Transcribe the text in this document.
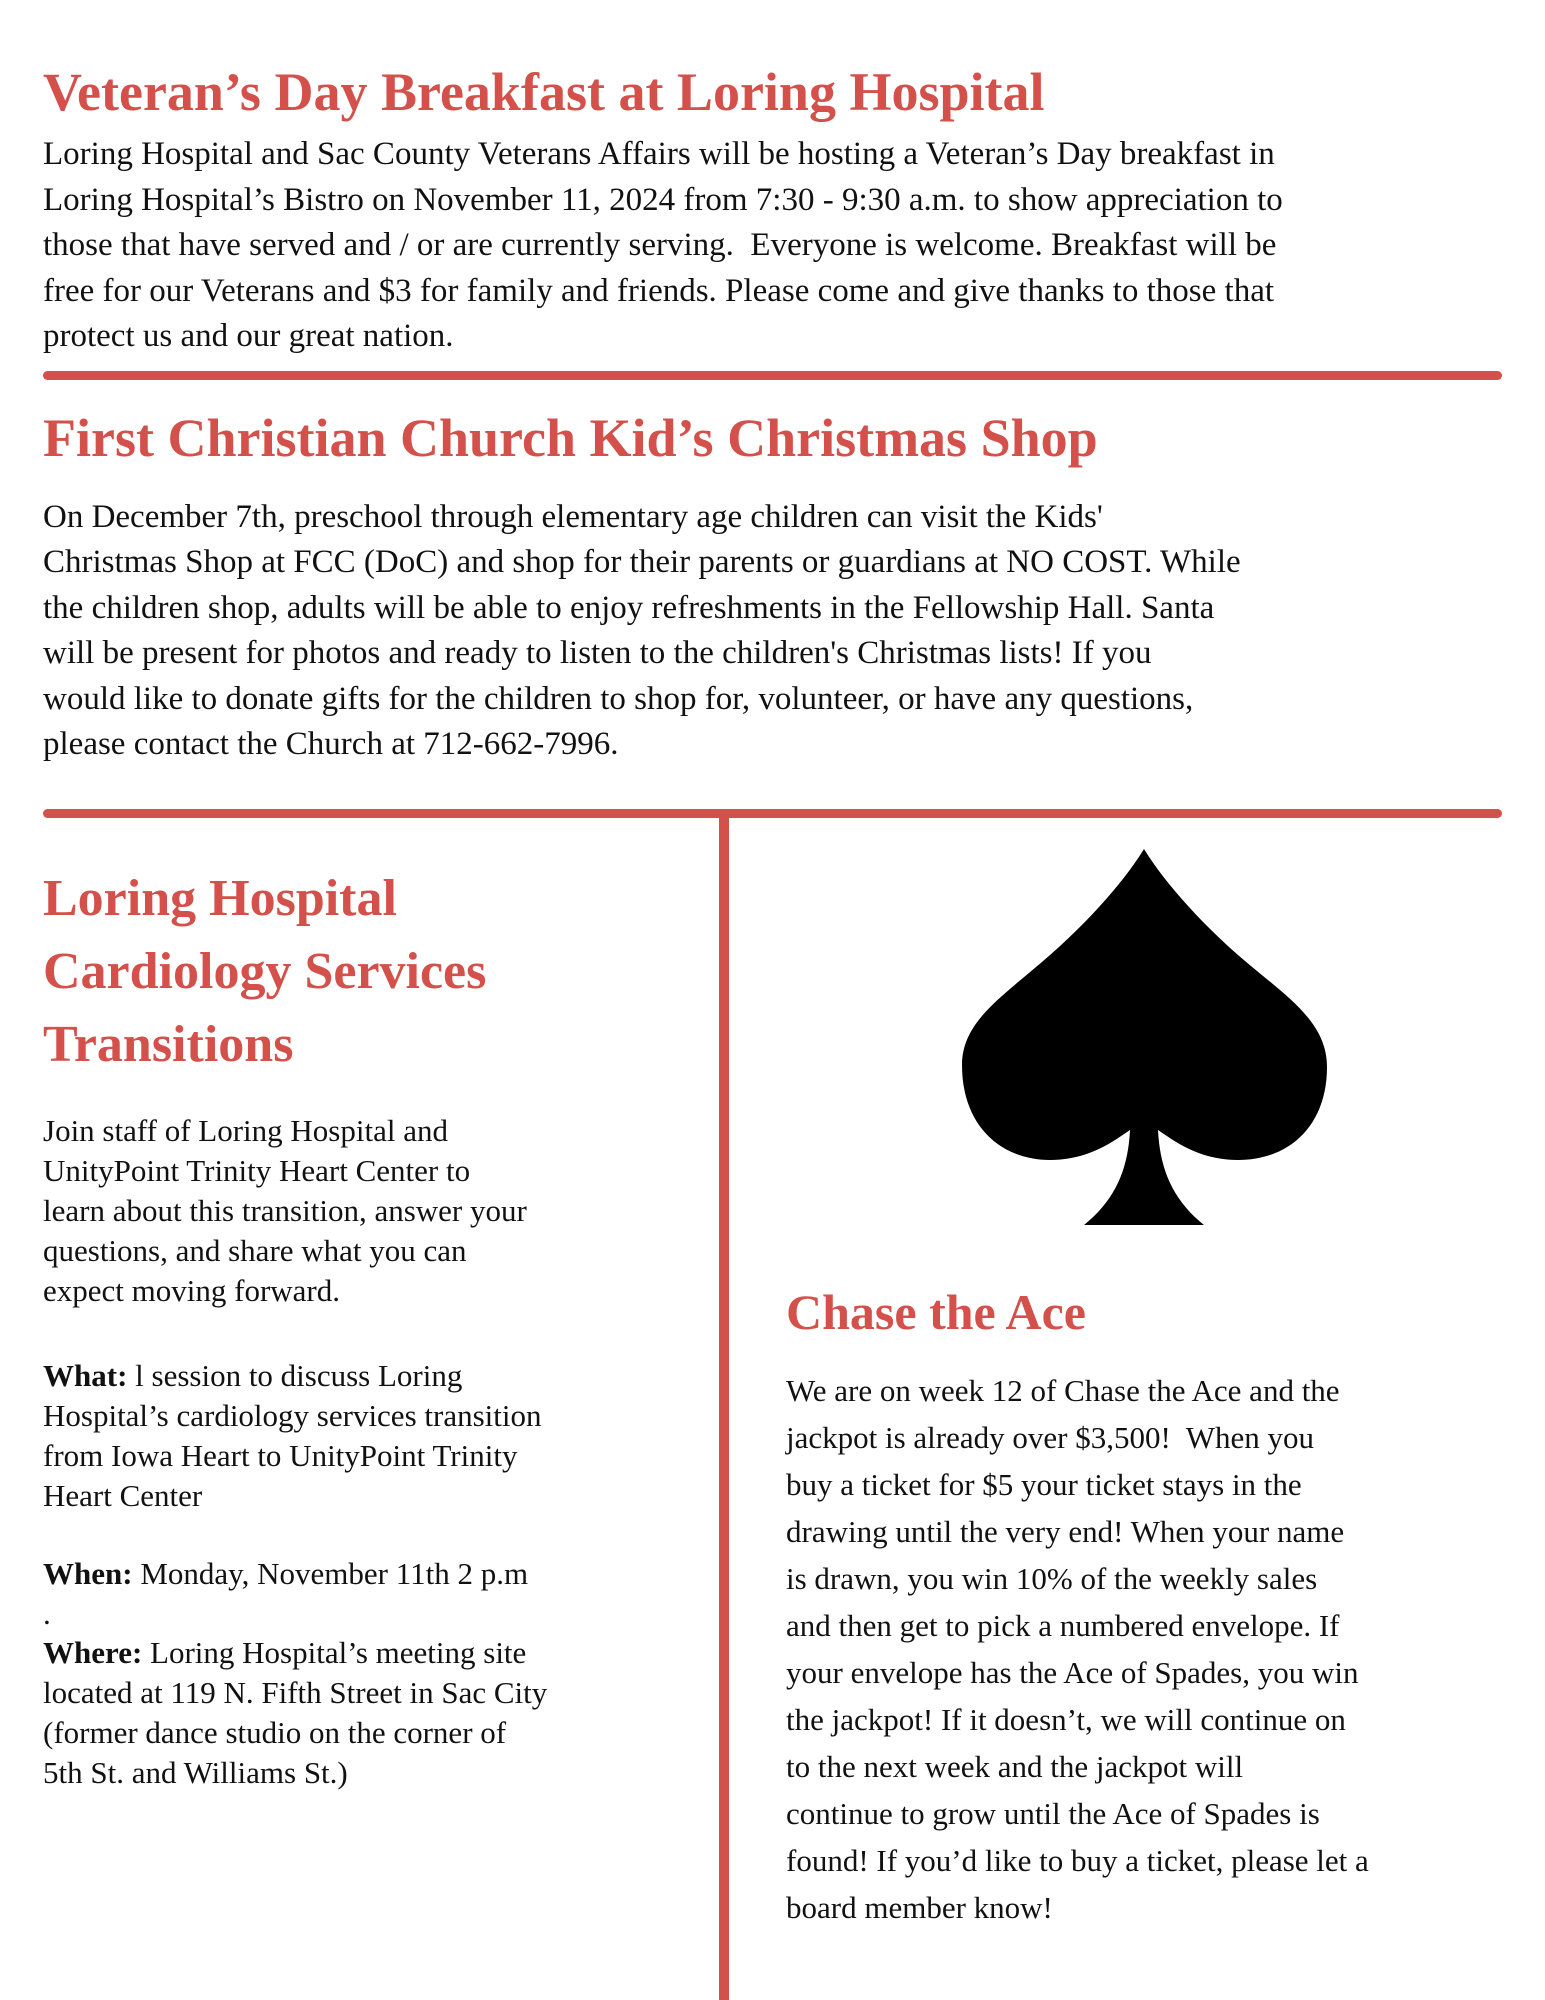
Veteran’s Day Breakfast at Loring Hospital
Loring Hospital and Sac County Veterans Affairs will be hosting a Veteran’s Day breakfast in
Loring Hospital’s Bistro on November 11, 2024 from 7:30 - 9:30 a.m. to show appreciation to
those that have served and / or are currently serving.  Everyone is welcome. Breakfast will be
free for our Veterans and $3 for family and friends. Please come and give thanks to those that
protect us and our great nation.
First Christian Church Kid’s Christmas Shop
On December 7th, preschool through elementary age children can visit the Kids'
Christmas Shop at FCC (DoC) and shop for their parents or guardians at NO COST. While
the children shop, adults will be able to enjoy refreshments in the Fellowship Hall. Santa
will be present for photos and ready to listen to the children's Christmas lists! If you
would like to donate gifts for the children to shop for, volunteer, or have any questions,
please contact the Church at 712-662-7996.
Loring Hospital
Cardiology Services
Transitions
Join staff of Loring Hospital and
UnityPoint Trinity Heart Center to
learn about this transition, answer your
questions, and share what you can
expect moving forward.
What: l session to discuss Loring
Hospital’s cardiology services transition
from Iowa Heart to UnityPoint Trinity
Heart Center
When: Monday, November 11th 2 p.m
.
Where: Loring Hospital’s meeting site
located at 119 N. Fifth Street in Sac City
(former dance studio on the corner of
5th St. and Williams St.)
Chase the Ace
We are on week 12 of Chase the Ace and the
jackpot is already over $3,500!  When you
buy a ticket for $5 your ticket stays in the
drawing until the very end! When your name
is drawn, you win 10% of the weekly sales
and then get to pick a numbered envelope. If
your envelope has the Ace of Spades, you win
the jackpot! If it doesn’t, we will continue on
to the next week and the jackpot will
continue to grow until the Ace of Spades is
found! If you’d like to buy a ticket, please let a
board member know!
